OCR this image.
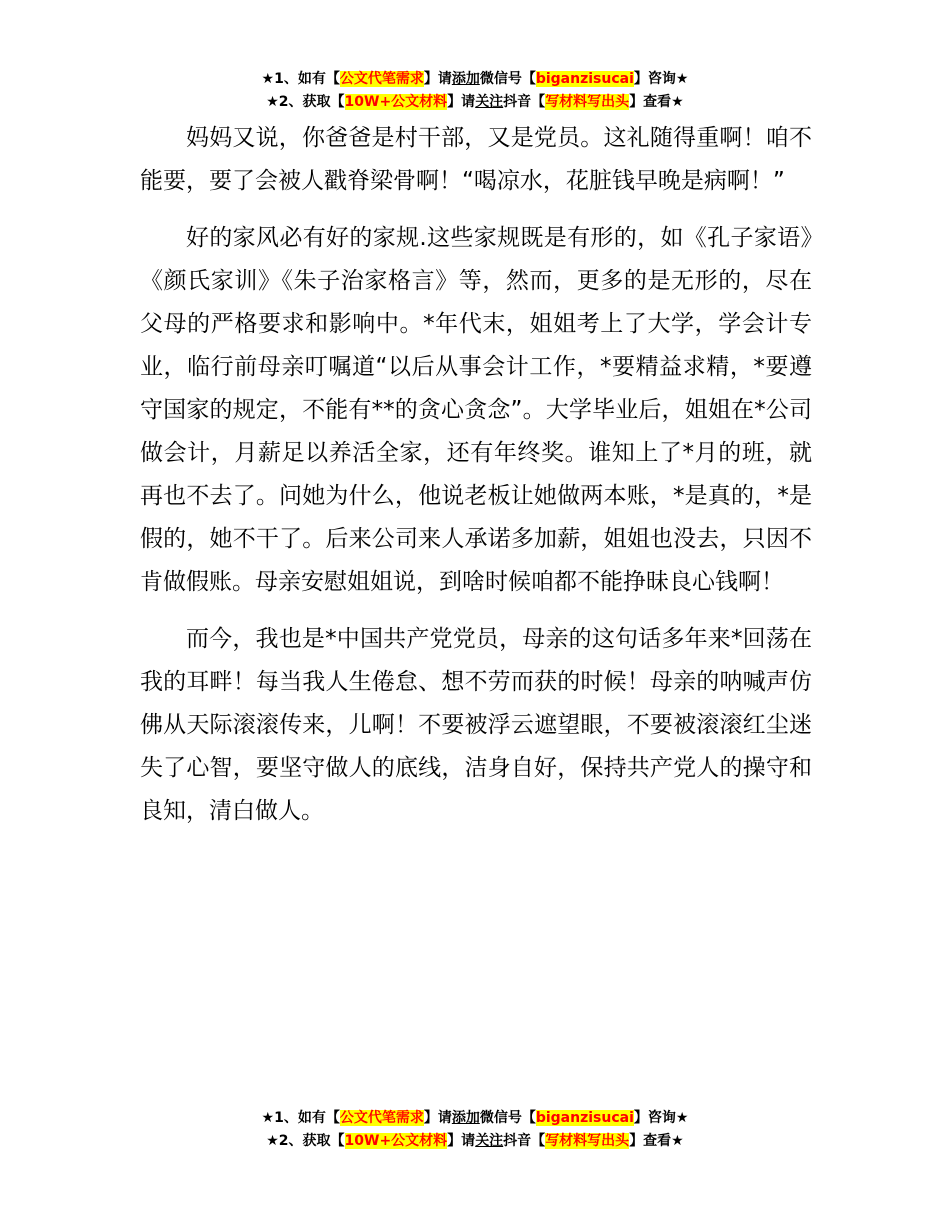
★1、如有【公文代笔需求】请添加微信号【biganzisucai】咨询★
★2、获取【10W+公文材料】请关注抖音【写材料写出头】查看★

妈妈又说，你爸爸是村干部，又是党员。这礼随得重啊！咱不能要，要了会被人戳脊梁骨啊！“喝凉水，花脏钱早晚是病啊！”

好的家风必有好的家规.这些家规既是有形的，如《孔子家语》《颜氏家训》《朱子治家格言》等，然而，更多的是无形的，尽在父母的严格要求和影响中。*年代末，姐姐考上了大学，学会计专业，临行前母亲叮嘱道“以后从事会计工作，*要精益求精，*要遵守国家的规定，不能有**的贪心贪念”。大学毕业后，姐姐在*公司做会计，月薪足以养活全家，还有年终奖。谁知上了*月的班，就再也不去了。问她为什么，他说老板让她做两本账，*是真的，*是假的，她不干了。后来公司来人承诺多加薪，姐姐也没去，只因不肯做假账。母亲安慰姐姐说，到啥时候咱都不能挣昧良心钱啊！

而今，我也是*中国共产党党员，母亲的这句话多年来*回荡在我的耳畔！每当我人生倦怠、想不劳而获的时候！母亲的呐喊声仿佛从天际滚滚传来，儿啊！不要被浮云遮望眼，不要被滚滚红尘迷失了心智，要坚守做人的底线，洁身自好，保持共产党人的操守和良知，清白做人。

★1、如有【公文代笔需求】请添加微信号【biganzisucai】咨询★
★2、获取【10W+公文材料】请关注抖音【写材料写出头】查看★
